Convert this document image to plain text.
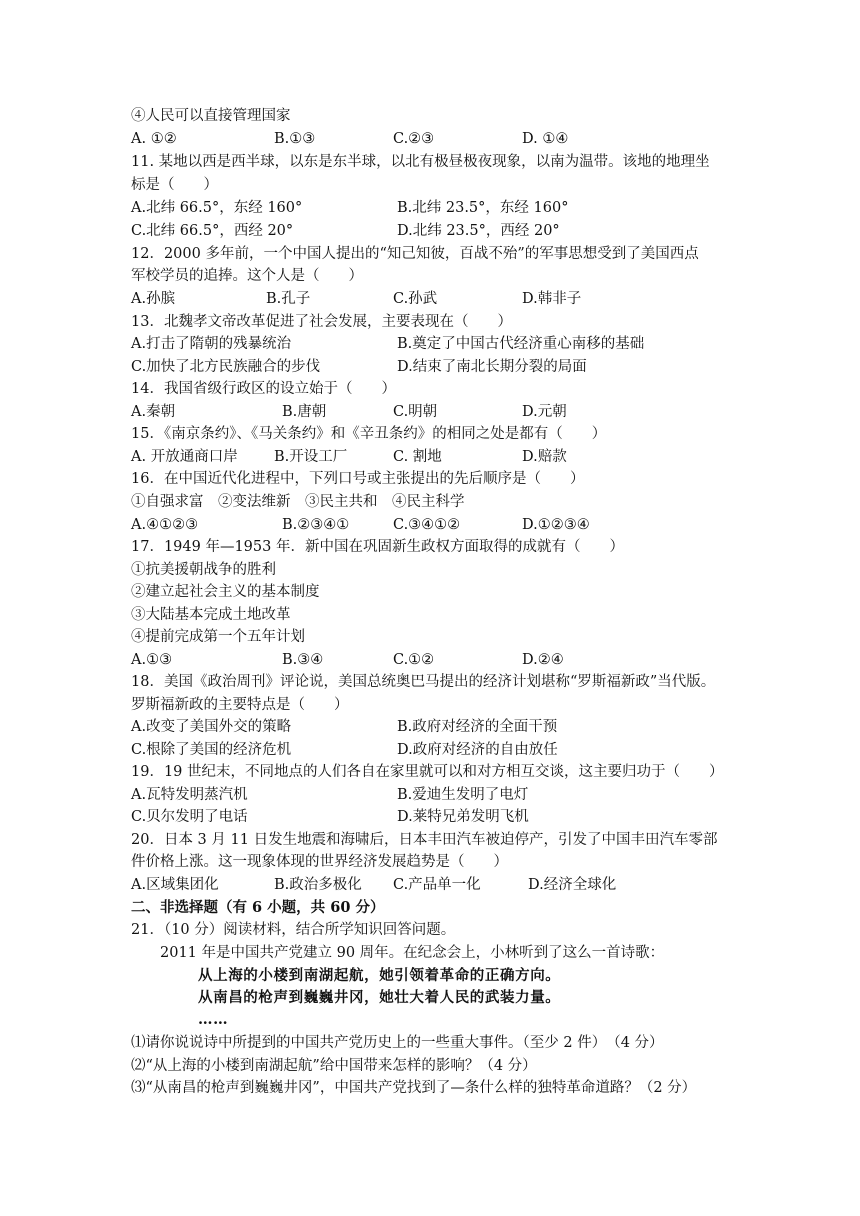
④人民可以直接管理国家
A. ①②	B.①③	C.②③	D. ①④
11. 某地以西是西半球，以东是东半球，以北有极昼极夜现象，以南为温带。该地的地理坐
标是（　　）
A.北纬 66.5°，东经 160°	B.北纬 23.5°，东经 160°
C.北纬 66.5°，西经 20°	D.北纬 23.5°，西经 20°
12．2000 多年前，一个中国人提出的“知己知彼，百战不殆”的军事思想受到了美国西点
军校学员的追捧。这个人是（　　）
A.孙膑	B.孔子	C.孙武	D.韩非子
13．北魏孝文帝改革促进了社会发展，主要表现在（　　）
A.打击了隋朝的残暴统治	B.奠定了中国古代经济重心南移的基础
C.加快了北方民族融合的步伐	D.结束了南北长期分裂的局面
14．我国省级行政区的设立始于（　　）
A.秦朝	B.唐朝	C.明朝	D.元朝
15．《南京条约》、《马关条约》和《辛丑条约》的相同之处是都有（　　）
A. 开放通商口岸	B.开设工厂	C. 割地	D.赔款
16．在中国近代化进程中，下列口号或主张提出的先后顺序是（　　）
①自强求富　②变法维新　③民主共和　④民主科学
A.④①②③	B.②③④①	C.③④①②	D.①②③④
17．1949 年—1953 年．新中国在巩固新生政权方面取得的成就有（　　）
①抗美援朝战争的胜利
②建立起社会主义的基本制度
③大陆基本完成土地改革
④提前完成第一个五年计划
A.①③	B.③④	C.①②	D.②④
18．美国《政治周刊》评论说，美国总统奥巴马提出的经济计划堪称“罗斯福新政”当代版。
罗斯福新政的主要特点是（　　）
A.改变了美国外交的策略	B.政府对经济的全面干预
C.根除了美国的经济危机	D.政府对经济的自由放任
19．19 世纪末，不同地点的人们各自在家里就可以和对方相互交谈，这主要归功于（　　）
A.瓦特发明蒸汽机	B.爱迪生发明了电灯
C.贝尔发明了电话	D.莱特兄弟发明飞机
20．日本 3 月 11 日发生地震和海啸后，日本丰田汽车被迫停产，引发了中国丰田汽车零部
件价格上涨。这一现象体现的世界经济发展趋势是（　　）
A.区域集团化	B.政治多极化 C.产品单一化	D.经济全球化
二、非选择题（有 6 小题，共 60 分）
21．（10 分）阅读材料，结合所学知识回答问题。
2011 年是中国共产党建立 90 周年。在纪念会上，小林听到了这么一首诗歌：
从上海的小楼到南湖起航，她引领着革命的正确方向。
从南昌的枪声到巍巍井冈，她壮大着人民的武装力量。
……
⑴请你说说诗中所提到的中国共产党历史上的一些重大事件。（至少 2 件）　（4 分）
⑵“从上海的小楼到南湖起航”给中国带来怎样的影响？（4 分）
⑶“从南昌的枪声到巍巍井冈”，中国共产党找到了—条什么样的独特革命道路？（2 分）
